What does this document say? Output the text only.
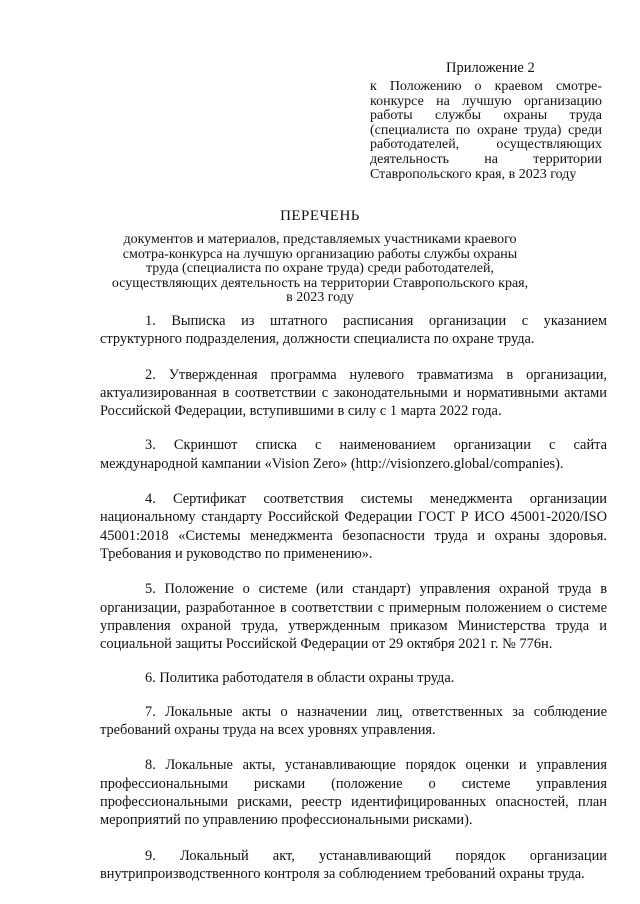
Приложение 2
к Положению о краевом смотре-конкурсе на лучшую организацию работы службы охраны труда (специалиста по охране труда) среди работодателей, осуществляющих деятельность на территории Ставропольского края, в 2023 году
ПЕРЕЧЕНЬ
документов и материалов, представляемых участниками краевого смотра-конкурса на лучшую организацию работы службы охраны труда (специалиста по охране труда) среди работодателей, осуществляющих деятельность на территории Ставропольского края, в 2023 году

1. Выписка из штатного расписания организации с указанием структурного подразделения, должности специалиста по охране труда.

2. Утвержденная программа нулевого травматизма в организации, актуализированная в соответствии с законодательными и нормативными актами Российской Федерации, вступившими в силу с 1 марта 2022 года.

3. Скриншот списка с наименованием организации с сайта международной кампании «Vision Zero» (http://visionzero.global/companies).

4. Сертификат соответствия системы менеджмента организации национальному стандарту Российской Федерации ГОСТ Р ИСО 45001-2020/ISO 45001:2018 «Системы менеджмента безопасности труда и охраны здоровья. Требования и руководство по применению».

5. Положение о системе (или стандарт) управления охраной труда в организации, разработанное в соответствии с примерным положением о системе управления охраной труда, утвержденным приказом Министерства труда и социальной защиты Российской Федерации от 29 октября 2021 г. № 776н.

6. Политика работодателя в области охраны труда.

7. Локальные акты о назначении лиц, ответственных за соблюдение требований охраны труда на всех уровнях управления.

8. Локальные акты, устанавливающие порядок оценки и управления профессиональными рисками (положение о системе управления профессиональными рисками, реестр идентифицированных опасностей, план мероприятий по управлению профессиональными рисками).

9. Локальный акт, устанавливающий порядок организации внутрипроизводственного контроля за соблюдением требований охраны труда.
